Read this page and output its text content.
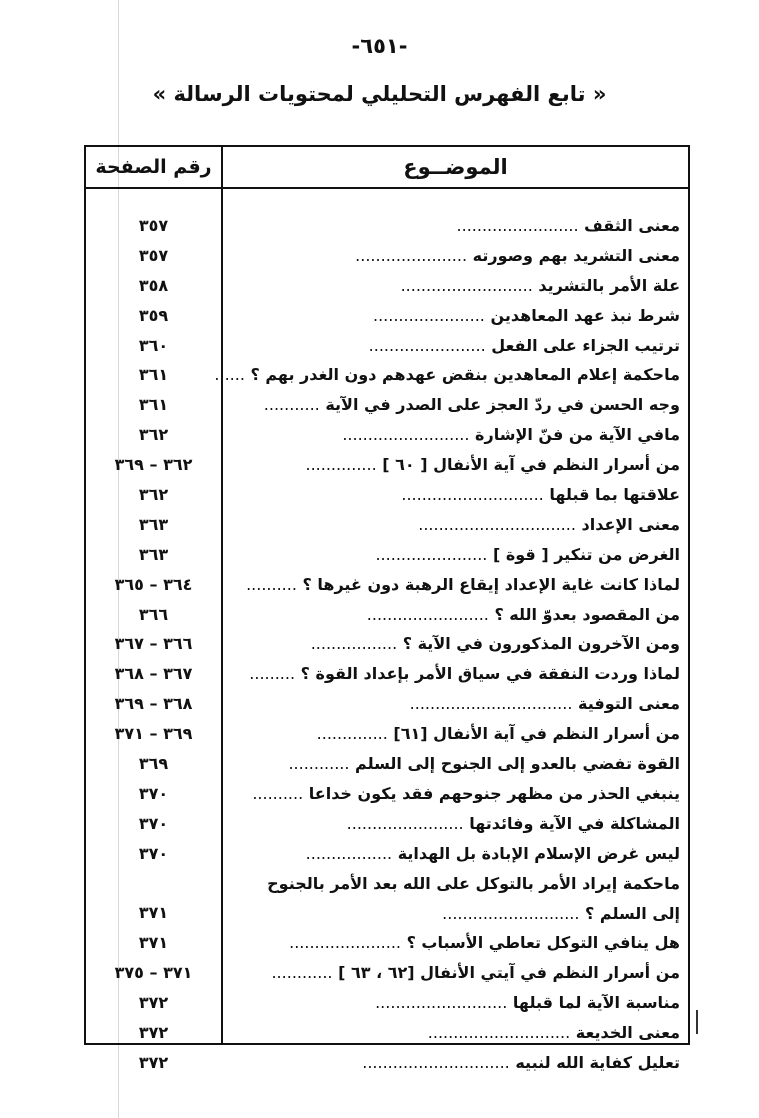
-٦٥١-
« تابع الفهرس التحليلي لمحتويات الرسالة »
الموضــوع
رقم الصفحة
معنى الثقف ........................
٣٥٧
معنى التشريد بهم وصورته ......................
٣٥٧
علة الأمر بالتشريد ..........................
٣٥٨
شرط نبذ عهد المعاهدين ......................
٣٥٩
ترتيب الجزاء على الفعل .......................
٣٦٠
ماحكمة إعلام المعاهدين بنقض عهدهم دون الغدر بهم ؟ ......
٣٦١
وجه الحسن في ردّ العجز على الصدر في الآية ...........
٣٦١
مافي الآية من فنّ الإشارة .........................
٣٦٢
من أسرار النظم في آية الأنفال [ ٦٠ ] ..............
٣٦٢ – ٣٦٩
علاقتها بما قبلها ............................
٣٦٢
معنى الإعداد ...............................
٣٦٣
الغرض من تنكير [ قوة ] ......................
٣٦٣
لماذا كانت غاية الإعداد إيقاع الرهبة دون غيرها ؟ ..........
٣٦٤ – ٣٦٥
من المقصود بعدوّ الله ؟ ........................
٣٦٦
ومن الآخرون المذكورون في الآية ؟ .................
٣٦٦ – ٣٦٧
لماذا وردت النفقة في سياق الأمر بإعداد القوة ؟ .........
٣٦٧ – ٣٦٨
معنى التوفية ................................
٣٦٨ – ٣٦٩
من أسرار النظم في آية الأنفال [٦١] ..............
٣٦٩ – ٣٧١
القوة تفضي بالعدو إلى الجنوح إلى السلم ............
٣٦٩
ينبغي الحذر من مظهر جنوحهم فقد يكون خداعا ..........
٣٧٠
المشاكلة في الآية وفائدتها .......................
٣٧٠
ليس غرض الإسلام الإبادة بل الهداية .................
٣٧٠
ماحكمة إيراد الأمر بالتوكل على الله بعد الأمر بالجنوح إلى السلم ؟ ...........................
٣٧١
هل ينافي التوكل تعاطي الأسباب ؟ ......................
٣٧١
من أسرار النظم في آيتي الأنفال [٦٢ ، ٦٣ ] ............
٣٧١ – ٣٧٥
مناسبة الآية لما قبلها ..........................
٣٧٢
معنى الخديعة ............................
٣٧٢
تعليل كفاية الله لنبيه .............................
٣٧٢
